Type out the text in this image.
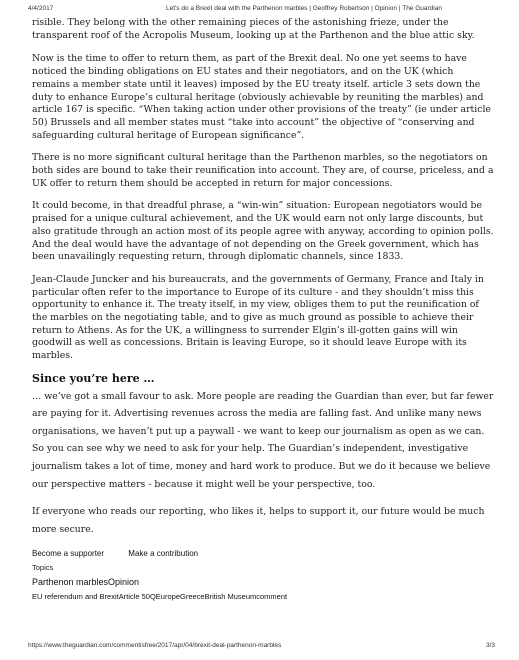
4/4/2017	Let's do a Brexit deal with the Parthenon marbles | Geoffrey Robertson | Opinion | The Guardian

risible. They belong with the other remaining pieces of the astonishing frieze, under the transparent roof of the Acropolis Museum, looking up at the Parthenon and the blue attic sky.

Now is the time to offer to return them, as part of the Brexit deal. No one yet seems to have noticed the binding obligations on EU states and their negotiators, and on the UK (which remains a member state until it leaves) imposed by the EU treaty itself. article 3 sets down the duty to enhance Europe’s cultural heritage (obviously achievable by reuniting the marbles) and article 167 is specific. “When taking action under other provisions of the treaty” (ie under article 50) Brussels and all member states must “take into account” the objective of “conserving and safeguarding cultural heritage of European significance”.

There is no more significant cultural heritage than the Parthenon marbles, so the negotiators on both sides are bound to take their reunification into account. They are, of course, priceless, and a UK offer to return them should be accepted in return for major concessions.

It could become, in that dreadful phrase, a “win-win” situation: European negotiators would be praised for a unique cultural achievement, and the UK would earn not only large discounts, but also gratitude through an action most of its people agree with anyway, according to opinion polls. And the deal would have the advantage of not depending on the Greek government, which has been unavailingly requesting return, through diplomatic channels, since 1833.

Jean-Claude Juncker and his bureaucrats, and the governments of Germany, France and Italy in particular often refer to the importance to Europe of its culture - and they shouldn’t miss this opportunity to enhance it. The treaty itself, in my view, obliges them to put the reunification of the marbles on the negotiating table, and to give as much ground as possible to achieve their return to Athens. As for the UK, a willingness to surrender Elgin’s ill-gotten gains will win goodwill as well as concessions. Britain is leaving Europe, so it should leave Europe with its marbles.

Since you’re here …

… we’ve got a small favour to ask. More people are reading the Guardian than ever, but far fewer are paying for it. Advertising revenues across the media are falling fast. And unlike many news organisations, we haven’t put up a paywall - we want to keep our journalism as open as we can. So you can see why we need to ask for your help. The Guardian’s independent, investigative journalism takes a lot of time, money and hard work to produce. But we do it because we believe our perspective matters - because it might well be your perspective, too.

If everyone who reads our reporting, who likes it, helps to support it, our future would be much more secure.

Become a supporter	Make a contribution
Topics
Parthenon marblesOpinion
EU referendum and BrexitArticle 50QEuropeGreeceBritish Museumcomment
https://www.theguardian.com/commentisfree/2017/apr/04/brexit-deal-parthenon-marbles	3/3
